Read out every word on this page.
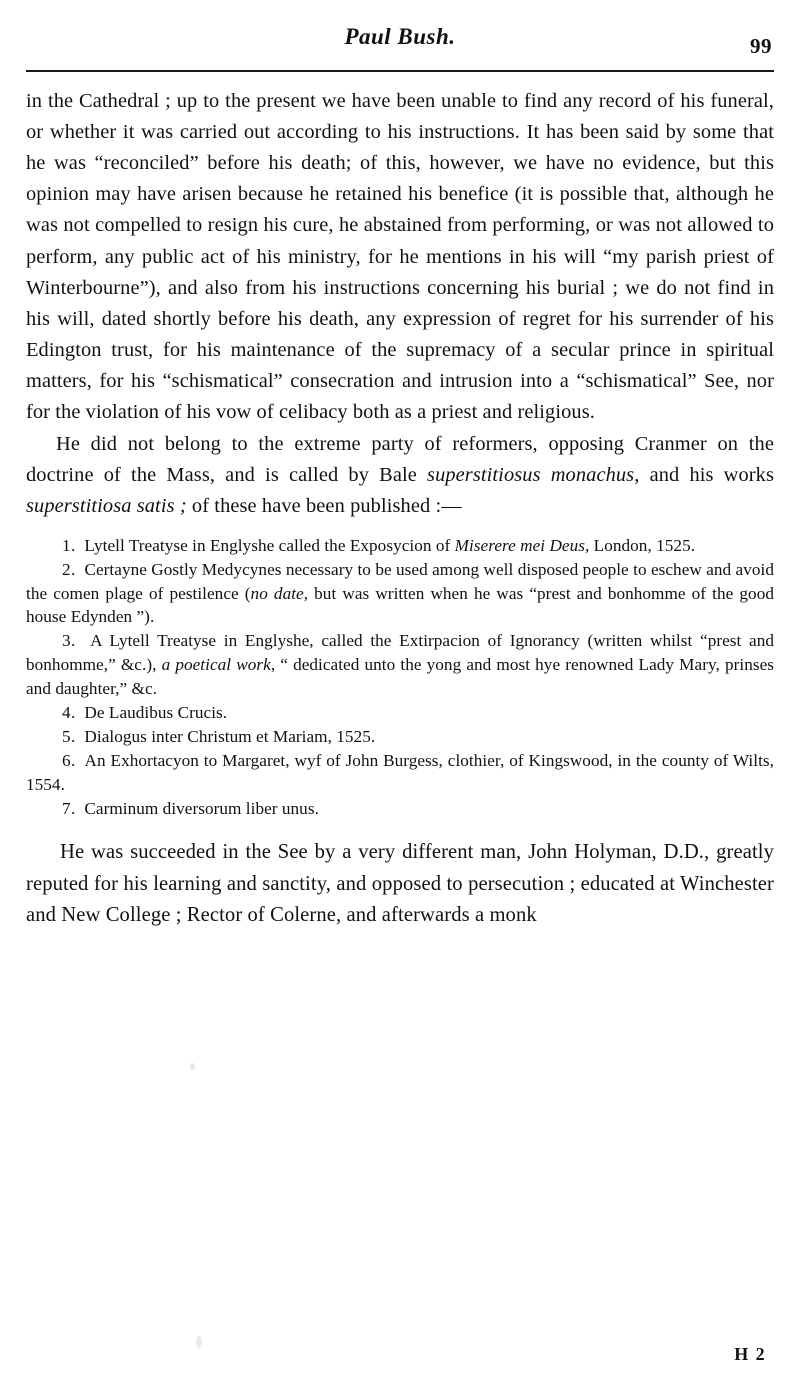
Paul Bush.	99

in the Cathedral ; up to the present we have been unable to find any record of his funeral, or whether it was carried out according to his instructions. It has been said by some that he was “reconciled” before his death; of this, however, we have no evidence, but this opinion may have arisen because he retained his benefice (it is possible that, although he was not compelled to resign his cure, he abstained from performing, or was not allowed to perform, any public act of his ministry, for he mentions in his will “my parish priest of Winterbourne”), and also from his instructions concerning his burial ; we do not find in his will, dated shortly before his death, any expression of regret for his surrender of his Edington trust, for his maintenance of the supremacy of a secular prince in spiritual matters, for his “schismatical” consecration and intrusion into a “schismatical” See, nor for the violation of his vow of celibacy both as a priest and religious.

He did not belong to the extreme party of reformers, opposing Cranmer on the doctrine of the Mass, and is called by Bale superstitiosus monachus, and his works superstitiosa satis ; of these have been published :—

1. Lytell Treatyse in Englyshe called the Exposycion of Miserere mei Deus, London, 1525.

2. Certayne Gostly Medycynes necessary to be used among well disposed people to eschew and avoid the comen plage of pestilence (no date, but was written when he was “prest and bonhomme of the good house Edynden ”).

3. A Lytell Treatyse in Englyshe, called the Extirpacion of Ignorancy (written whilst “prest and bonhomme,” &c.), a poetical work, “ dedicated unto the yong and most hye renowned Lady Mary, prinses and daughter,” &c.

4. De Laudibus Crucis.

5. Dialogus inter Christum et Mariam, 1525.

6. An Exhortacyon to Margaret, wyf of John Burgess, clothier, of Kingswood, in the county of Wilts, 1554.

7. Carminum diversorum liber unus.

He was succeeded in the See by a very different man, John Holyman, D.D., greatly reputed for his learning and sanctity, and opposed to persecution ; educated at Winchester and New College ; Rector of Colerne, and afterwards a monk

H 2
